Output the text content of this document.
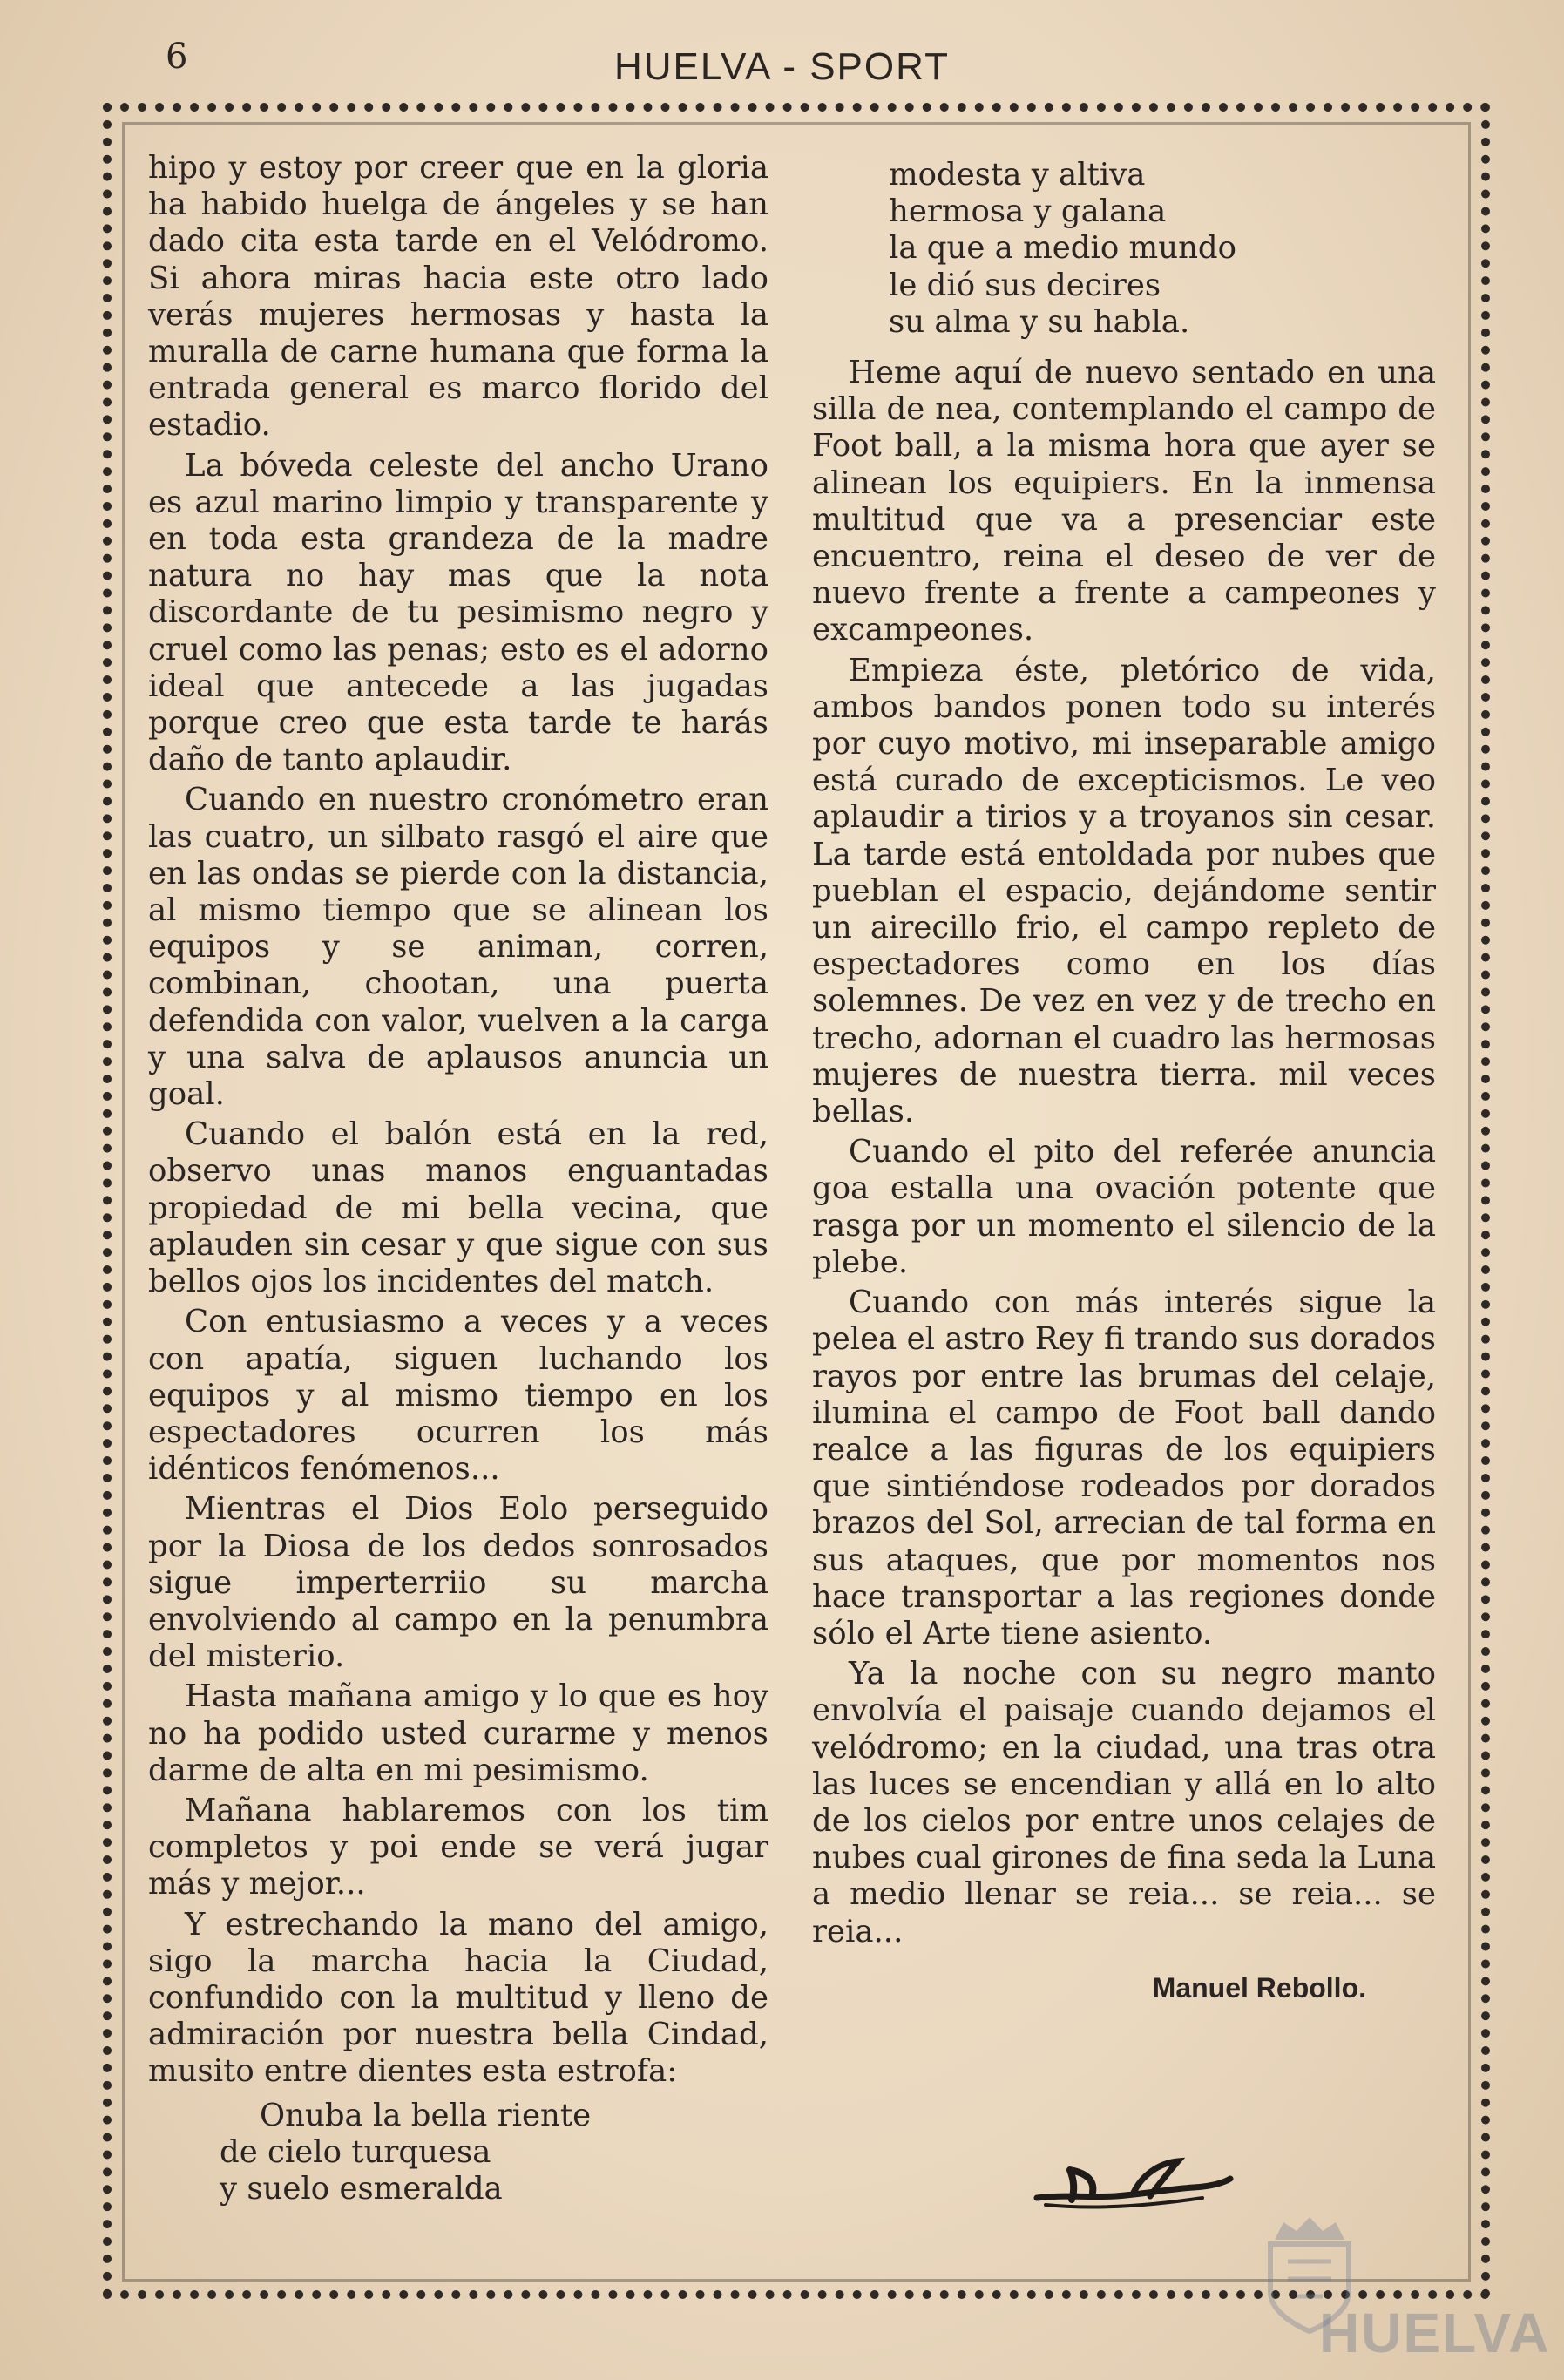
6	HUELVA - SPORT

hipo y estoy por creer que en la gloria ha habido huelga de ángeles y se han dado cita esta tarde en el Velódromo. Si ahora miras hacia este otro lado verás mujeres hermosas y hasta la muralla de carne humana que forma la entrada general es marco florido del estadio.

La bóveda celeste del ancho Urano es azul marino limpio y transparente y en toda esta grandeza de la madre natura no hay mas que la nota discordante de tu pesimismo negro y cruel como las penas; esto es el adorno ideal que antecede a las jugadas porque creo que esta tarde te harás daño de tanto aplaudir.

Cuando en nuestro cronómetro eran las cuatro, un silbato rasgó el aire que en las ondas se pierde con la distancia, al mismo tiempo que se alinean los equipos y se animan, corren, combinan, chootan, una puerta defendida con valor, vuelven a la carga y una salva de aplausos anuncia un goal.

Cuando el balón está en la red, observo unas manos enguantadas propiedad de mi bella vecina, que aplauden sin cesar y que sigue con sus bellos ojos los incidentes del match.

Con entusiasmo a veces y a veces con apatía, siguen luchando los equipos y al mismo tiempo en los espectadores ocurren los más idénticos fenómenos...

Mientras el Dios Eolo perseguido por la Diosa de los dedos sonrosados sigue imperterriio su marcha envolviendo al campo en la penumbra del misterio.

Hasta mañana amigo y lo que es hoy no ha podido usted curarme y menos darme de alta en mi pesimismo.

Mañana hablaremos con los tim completos y poi ende se verá jugar más y mejor...

Y estrechando la mano del amigo, sigo la marcha hacia la Ciudad, confundido con la multitud y lleno de admiración por nuestra bella Cindad, musito entre dientes esta estrofa:

Onuba la bella riente
de cielo turquesa
y suelo esmeralda
modesta y altiva
hermosa y galana
la que a medio mundo
le dió sus decires
su alma y su habla.

Heme aquí de nuevo sentado en una silla de nea, contemplando el campo de Foot ball, a la misma hora que ayer se alinean los equipiers. En la inmensa multitud que va a presenciar este encuentro, reina el deseo de ver de nuevo frente a frente a campeones y excampeones.

Empieza éste, pletórico de vida, ambos bandos ponen todo su interés por cuyo motivo, mi inseparable amigo está curado de excepticismos. Le veo aplaudir a tirios y a troyanos sin cesar. La tarde está entoldada por nubes que pueblan el espacio, dejándome sentir un airecillo frio, el campo repleto de espectadores como en los días solemnes. De vez en vez y de trecho en trecho, adornan el cuadro las hermosas mujeres de nuestra tierra. mil veces bellas.

Cuando el pito del referée anuncia goa estalla una ovación potente que rasga por un momento el silencio de la plebe.

Cuando con más interés sigue la pelea el astro Rey fi trando sus dorados rayos por entre las brumas del celaje, ilumina el campo de Foot ball dando realce a las figuras de los equipiers que sintiéndose rodeados por dorados brazos del Sol, arrecian de tal forma en sus ataques, que por momentos nos hace transportar a las regiones donde sólo el Arte tiene asiento.

Ya la noche con su negro manto envolvía el paisaje cuando dejamos el velódromo; en la ciudad, una tras otra las luces se encendian y allá en lo alto de los cielos por entre unos celajes de nubes cual girones de fina seda la Luna a medio llenar se reia... se reia... se reia...

Manuel Rebollo.
HUELVA
